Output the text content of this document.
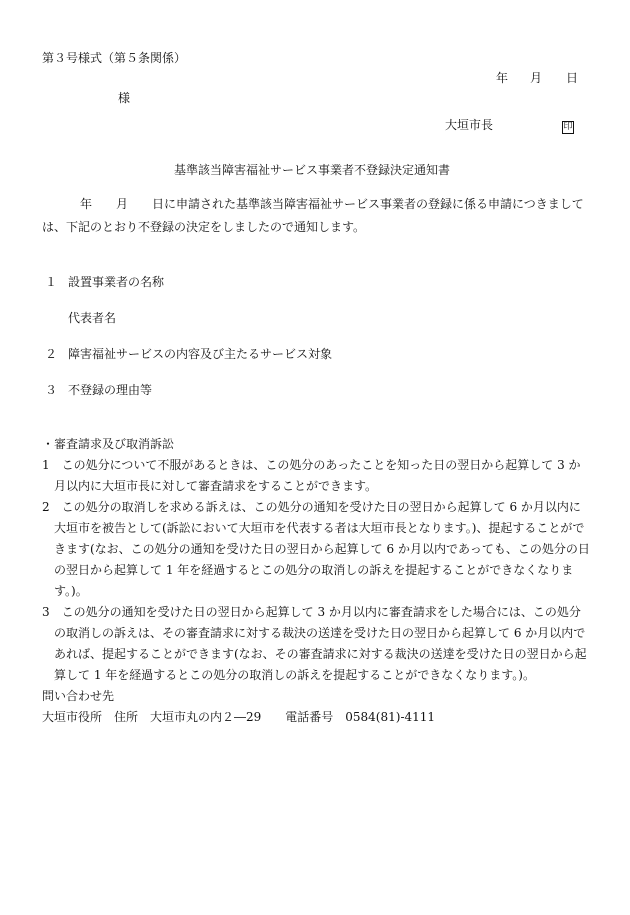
第３号様式（第５条関係）
年 月 日
様
大垣市長	印
基準該当障害福祉サービス事業者不登録決定通知書
年　　月　　日に申請された基準該当障害福祉サービス事業者の登録に係る申請につきまして
は、下記のとおり不登録の決定をしましたので通知します。
１ 設置事業者の名称
代表者名
２ 障害福祉サービスの内容及び主たるサービス対象
３ 不登録の理由等
・審査請求及び取消訴訟
1　この処分について不服があるときは、この処分のあったことを知った日の翌日から起算して 3 か
　月以内に大垣市長に対して審査請求をすることができます。
2　この処分の取消しを求める訴えは、この処分の通知を受けた日の翌日から起算して 6 か月以内に
　大垣市を被告として(訴訟において大垣市を代表する者は大垣市長となります。)、提起することがで
　きます(なお、この処分の通知を受けた日の翌日から起算して 6 か月以内であっても、この処分の日
　の翌日から起算して 1 年を経過するとこの処分の取消しの訴えを提起することができなくなりま
　す。)。
3　この処分の通知を受けた日の翌日から起算して 3 か月以内に審査請求をした場合には、この処分
　の取消しの訴えは、その審査請求に対する裁決の送達を受けた日の翌日から起算して 6 か月以内で
　あれば、提起することができます(なお、その審査請求に対する裁決の送達を受けた日の翌日から起
　算して 1 年を経過するとこの処分の取消しの訴えを提起することができなくなります。)。
問い合わせ先
大垣市役所　住所　大垣市丸の内２―29　　電話番号　0584(81)‐4111
